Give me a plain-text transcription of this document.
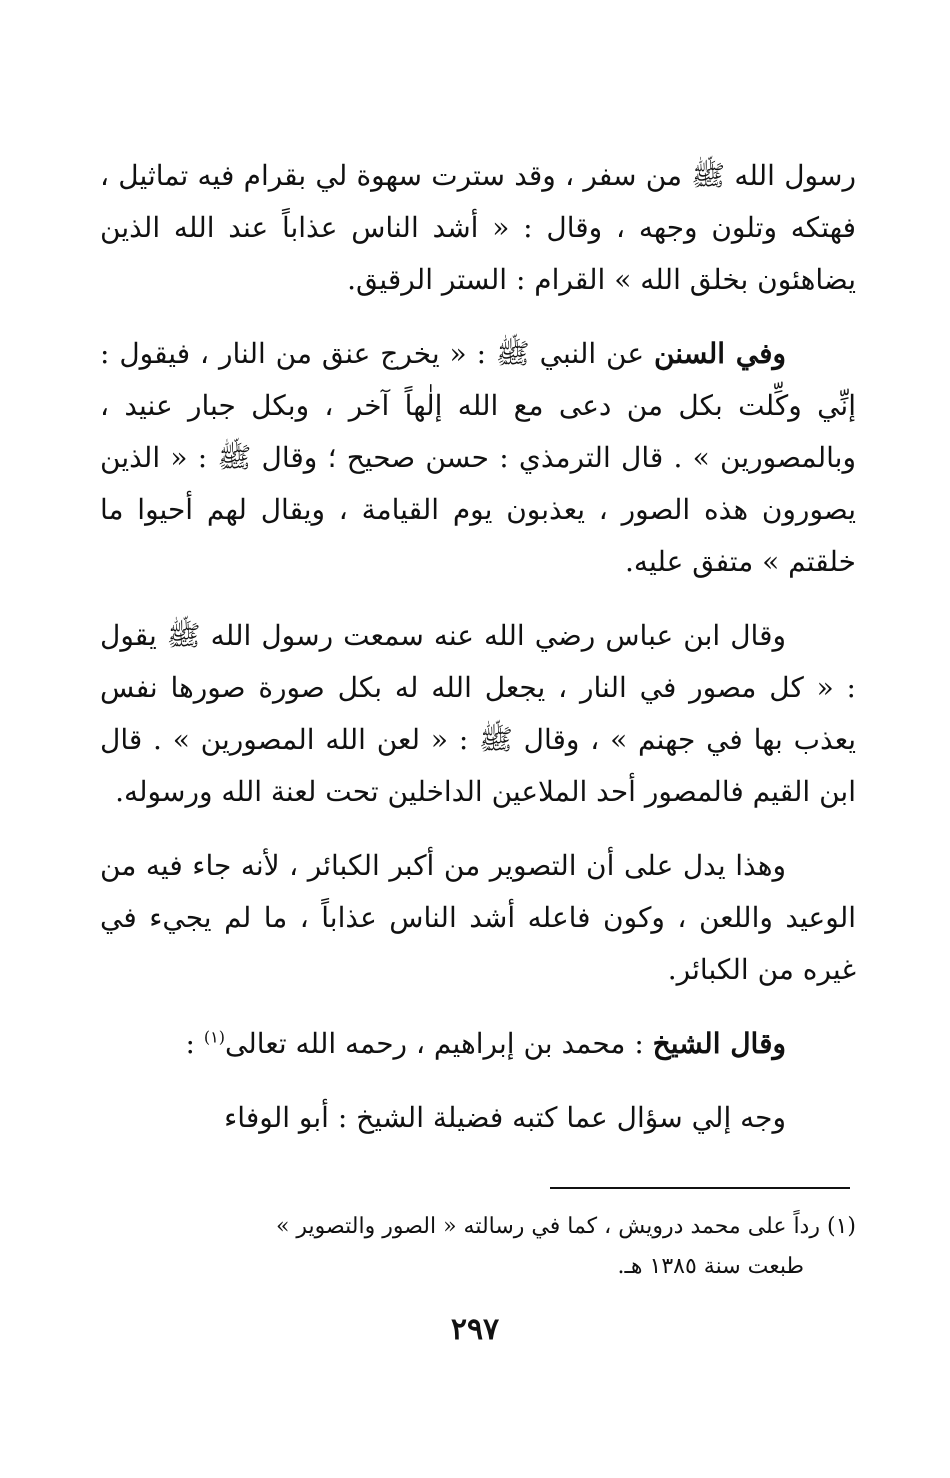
رسول الله ﷺ من سفر ، وقد سترت سهوة لي بقرام فيه تماثيل ، فهتكه وتلون وجهه ، وقال : « أشد الناس عذاباً عند الله الذين يضاهئون بخلق الله » القرام : الستر الرقيق.

وفي السنن عن النبي ﷺ : « يخرج عنق من النار ، فيقول : إنِّي وكِّلت بكل من دعى مع الله إلٰهاً آخر ، وبكل جبار عنيد ، وبالمصورين » . قال الترمذي : حسن صحيح ؛ وقال ﷺ : « الذين يصورون هذه الصور ، يعذبون يوم القيامة ، ويقال لهم أحيوا ما خلقتم » متفق عليه.

وقال ابن عباس رضي الله عنه سمعت رسول الله ﷺ يقول : « كل مصور في النار ، يجعل الله له بكل صورة صورها نفس يعذب بها في جهنم » ، وقال ﷺ : « لعن الله المصورين » . قال ابن القيم فالمصور أحد الملاعين الداخلين تحت لعنة الله ورسوله.

وهذا يدل على أن التصوير من أكبر الكبائر ، لأنه جاء فيه من الوعيد واللعن ، وكون فاعله أشد الناس عذاباً ، ما لم يجيء في غيره من الكبائر.

وقال الشيخ : محمد بن إبراهيم ، رحمه الله تعالى$^{(١)}$ :

وجه إلي سؤال عما كتبه فضيلة الشيخ : أبو الوفاء

(١) رداً على محمد درويش ، كما في رسالته « الصور والتصوير »
طبعت سنة ١٣٨٥ هـ.
٢٩٧
